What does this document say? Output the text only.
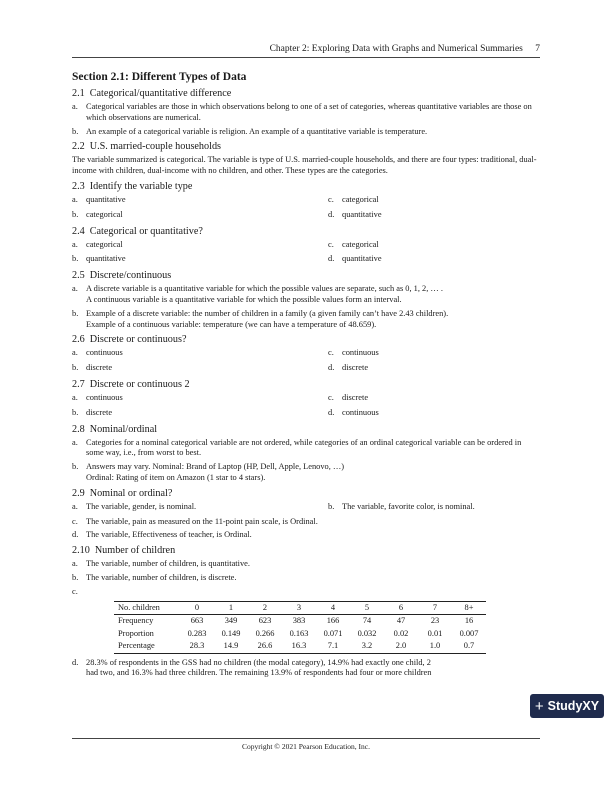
Chapter 2: Exploring Data with Graphs and Numerical Summaries 7
Section 2.1: Different Types of Data
2.1 Categorical/quantitative difference
a. Categorical variables are those in which observations belong to one of a set of categories, whereas quantitative variables are those on which observations are numerical.
b. An example of a categorical variable is religion. An example of a quantitative variable is temperature.
2.2 U.S. married-couple households
The variable summarized is categorical. The variable is type of U.S. married-couple households, and there are four types: traditional, dual-income with children, dual-income with no children, and other. These types are the categories.
2.3 Identify the variable type
a. quantitative	c. categorical
b. categorical	d. quantitative
2.4 Categorical or quantitative?
a. categorical	c. categorical
b. quantitative	d. quantitative
2.5 Discrete/continuous
a. A discrete variable is a quantitative variable for which the possible values are separate, such as 0, 1, 2, … .
A continuous variable is a quantitative variable for which the possible values form an interval.
b. Example of a discrete variable: the number of children in a family (a given family can’t have 2.43 children).
Example of a continuous variable: temperature (we can have a temperature of 48.659).
2.6 Discrete or continuous?
a. continuous	c. continuous
b. discrete	d. discrete
2.7 Discrete or continuous 2
a. continuous	c. discrete
b. discrete	d. continuous
2.8 Nominal/ordinal
a. Categories for a nominal categorical variable are not ordered, while categories of an ordinal categorical variable can be ordered in some way, i.e., from worst to best.
b. Answers may vary. Nominal: Brand of Laptop (HP, Dell, Apple, Lenovo, …)
Ordinal: Rating of item on Amazon (1 star to 4 stars).
2.9 Nominal or ordinal?
a. The variable, gender, is nominal.	b. The variable, favorite color, is nominal.
c. The variable, pain as measured on the 11-point pain scale, is Ordinal.
d. The variable, Effectiveness of teacher, is Ordinal.
2.10 Number of children
a. The variable, number of children, is quantitative.
b. The variable, number of children, is discrete.
c.
No. children	0	1	2	3	4	5	6	7	8+
Frequency	663	349	623	383	166	74	47	23	16
Proportion	0.283	0.149	0.266	0.163	0.071	0.032	0.02	0.01	0.007
Percentage	28.3	14.9	26.6	16.3	7.1	3.2	2.0	1.0	0.7
d. 28.3% of respondents in the GSS had no children (the modal category), 14.9% had exactly one child, 2
had two, and 16.3% had three children. The remaining 13.9% of respondents had four or more children
+ StudyXY
Copyright © 2021 Pearson Education, Inc.
